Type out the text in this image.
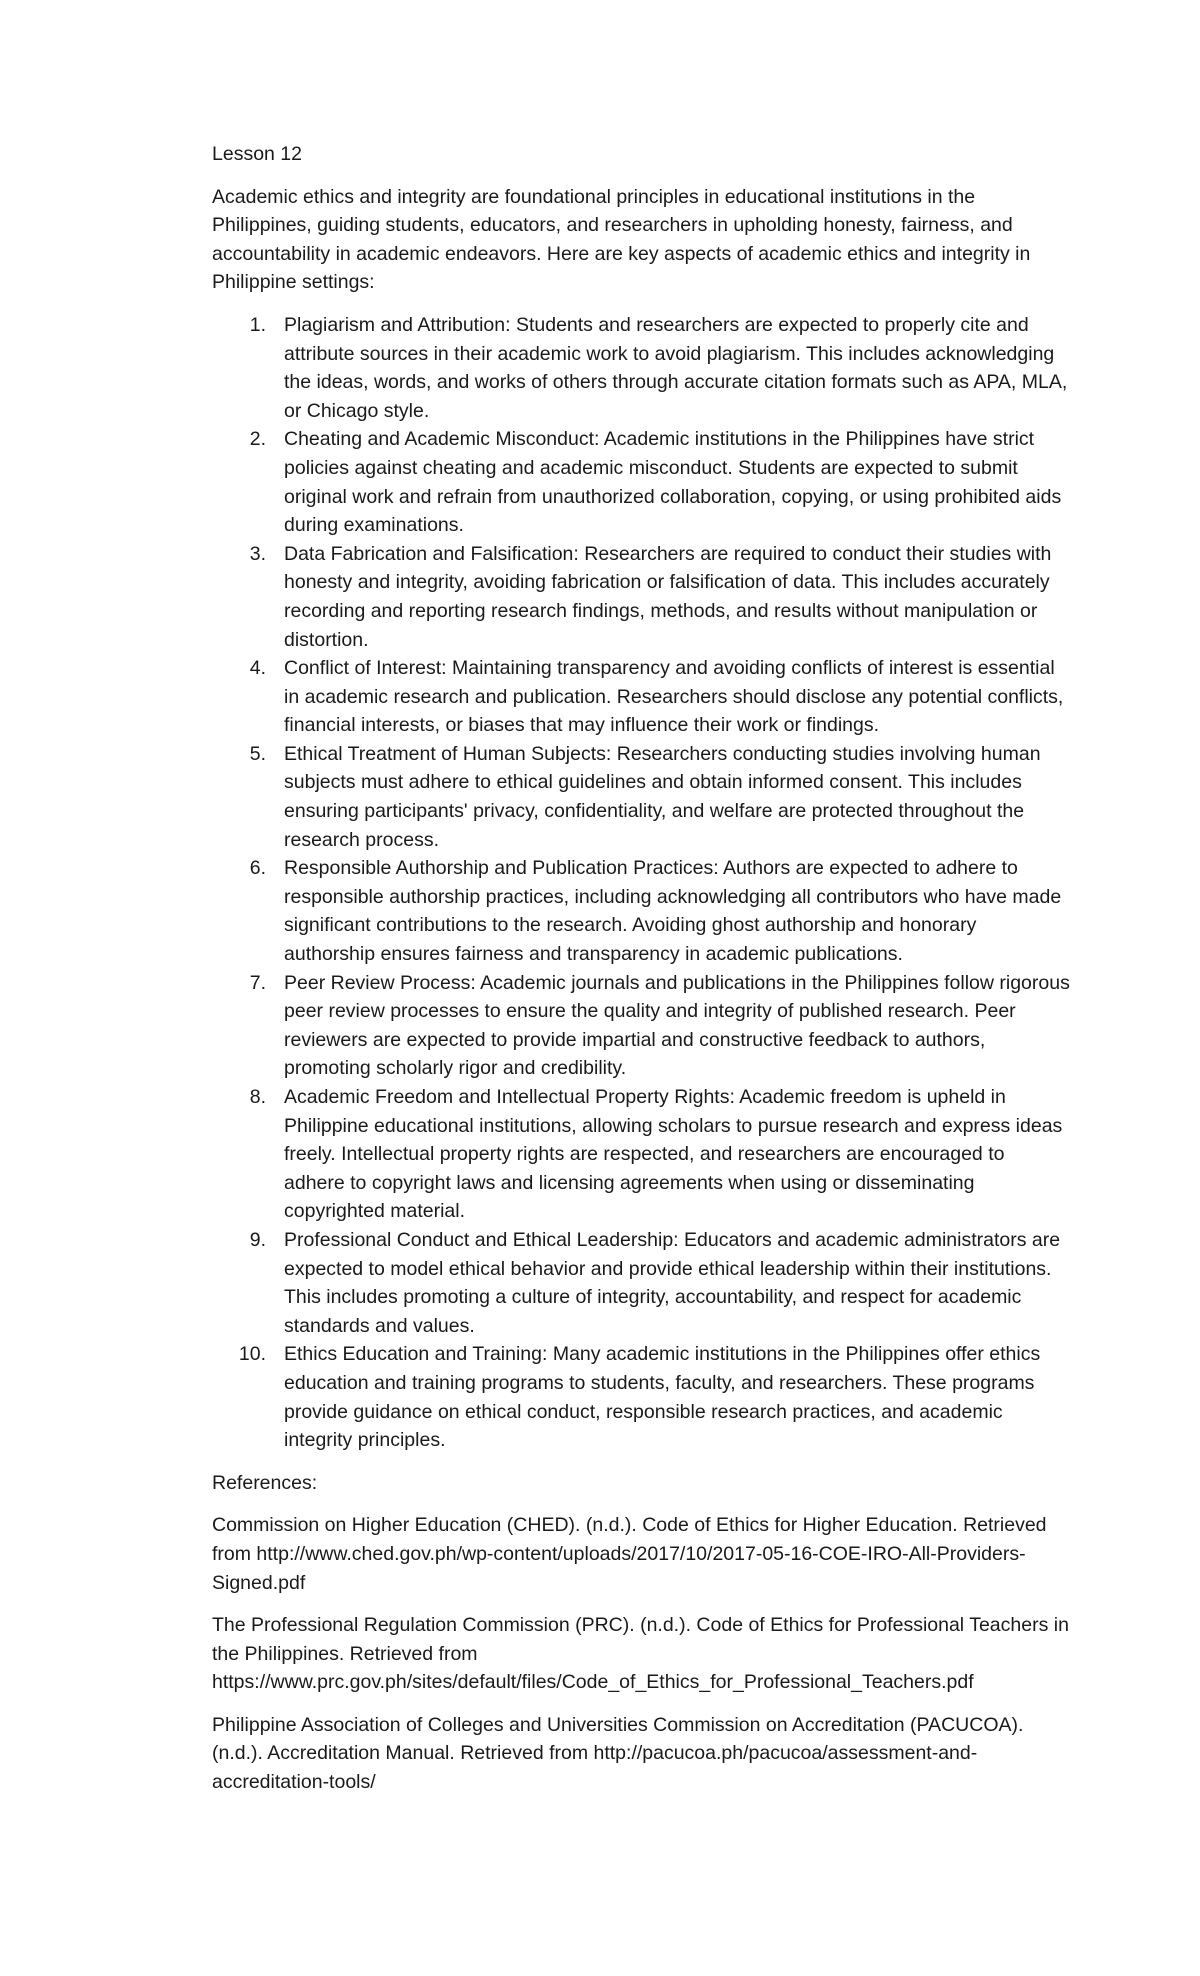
Lesson 12

Academic ethics and integrity are foundational principles in educational institutions in the Philippines, guiding students, educators, and researchers in upholding honesty, fairness, and accountability in academic endeavors. Here are key aspects of academic ethics and integrity in Philippine settings:

1. Plagiarism and Attribution: Students and researchers are expected to properly cite and attribute sources in their academic work to avoid plagiarism. This includes acknowledging the ideas, words, and works of others through accurate citation formats such as APA, MLA, or Chicago style.
2. Cheating and Academic Misconduct: Academic institutions in the Philippines have strict policies against cheating and academic misconduct. Students are expected to submit original work and refrain from unauthorized collaboration, copying, or using prohibited aids during examinations.
3. Data Fabrication and Falsification: Researchers are required to conduct their studies with honesty and integrity, avoiding fabrication or falsification of data. This includes accurately recording and reporting research findings, methods, and results without manipulation or distortion.
4. Conflict of Interest: Maintaining transparency and avoiding conflicts of interest is essential in academic research and publication. Researchers should disclose any potential conflicts, financial interests, or biases that may influence their work or findings.
5. Ethical Treatment of Human Subjects: Researchers conducting studies involving human subjects must adhere to ethical guidelines and obtain informed consent. This includes ensuring participants' privacy, confidentiality, and welfare are protected throughout the research process.
6. Responsible Authorship and Publication Practices: Authors are expected to adhere to responsible authorship practices, including acknowledging all contributors who have made significant contributions to the research. Avoiding ghost authorship and honorary authorship ensures fairness and transparency in academic publications.
7. Peer Review Process: Academic journals and publications in the Philippines follow rigorous peer review processes to ensure the quality and integrity of published research. Peer reviewers are expected to provide impartial and constructive feedback to authors, promoting scholarly rigor and credibility.
8. Academic Freedom and Intellectual Property Rights: Academic freedom is upheld in Philippine educational institutions, allowing scholars to pursue research and express ideas freely. Intellectual property rights are respected, and researchers are encouraged to adhere to copyright laws and licensing agreements when using or disseminating copyrighted material.
9. Professional Conduct and Ethical Leadership: Educators and academic administrators are expected to model ethical behavior and provide ethical leadership within their institutions. This includes promoting a culture of integrity, accountability, and respect for academic standards and values.
10. Ethics Education and Training: Many academic institutions in the Philippines offer ethics education and training programs to students, faculty, and researchers. These programs provide guidance on ethical conduct, responsible research practices, and academic integrity principles.

References:

Commission on Higher Education (CHED). (n.d.). Code of Ethics for Higher Education. Retrieved from http://www.ched.gov.ph/wp-content/uploads/2017/10/2017-05-16-COE-IRO-All-Providers-Signed.pdf

The Professional Regulation Commission (PRC). (n.d.). Code of Ethics for Professional Teachers in the Philippines. Retrieved from https://www.prc.gov.ph/sites/default/files/Code_of_Ethics_for_Professional_Teachers.pdf

Philippine Association of Colleges and Universities Commission on Accreditation (PACUCOA). (n.d.). Accreditation Manual. Retrieved from http://pacucoa.ph/pacucoa/assessment-and-accreditation-tools/
